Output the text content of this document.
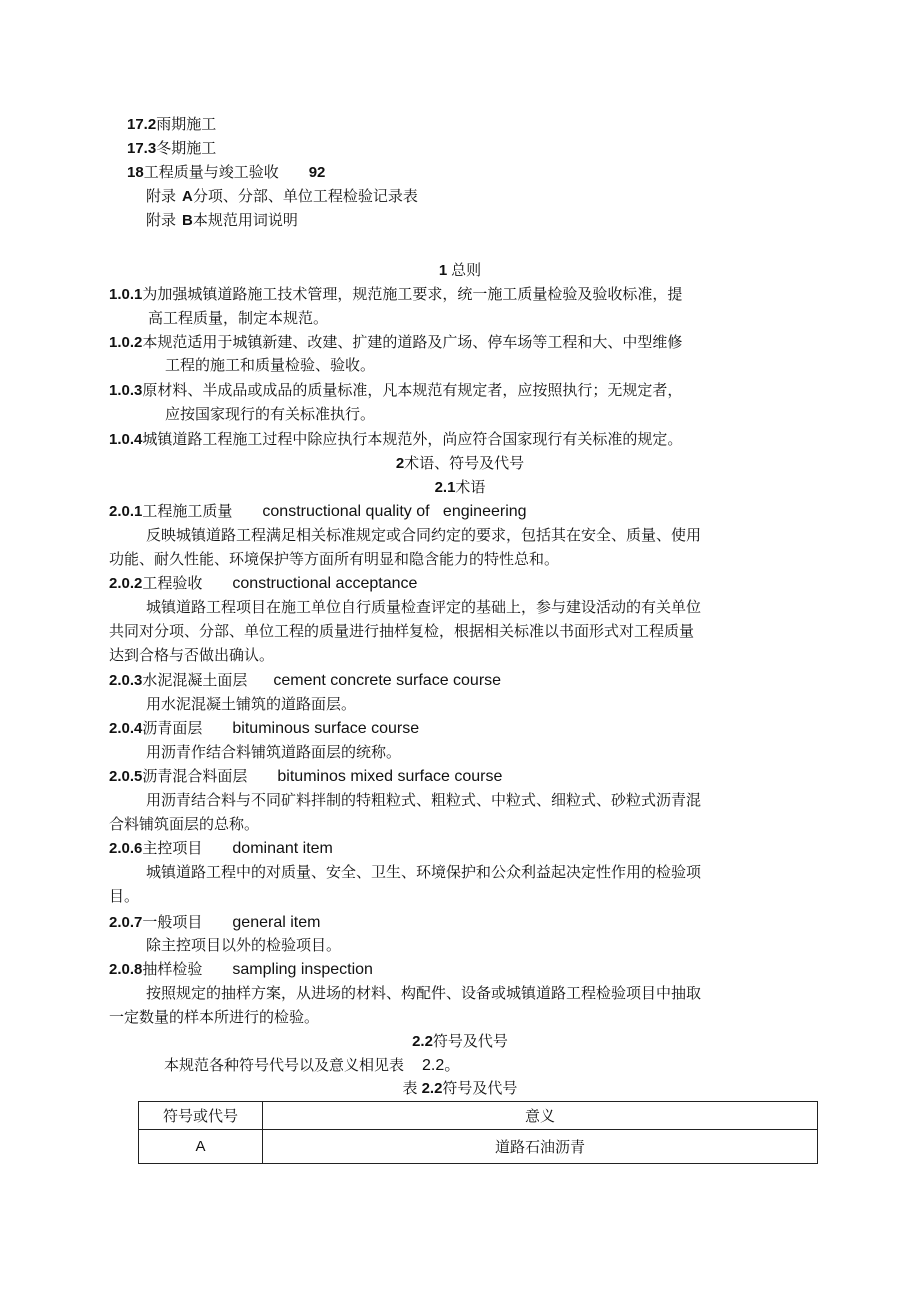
17.2雨期施工
17.3冬期施工
18工程质量与竣工验收 92
附录 A分项、分部、单位工程检验记录表
附录 B本规范用词说明
1 总则
1.0.1为加强城镇道路施工技术管理，规范施工要求，统一施工质量检验及验收标准，提
高工程质量，制定本规范。
1.0.2本规范适用于城镇新建、改建、扩建的道路及广场、停车场等工程和大、中型维修
工程的施工和质量检验、验收。
1.0.3原材料、半成品或成品的质量标准，凡本规范有规定者，应按照执行；无规定者，
应按国家现行的有关标准执行。
1.0.4城镇道路工程施工过程中除应执行本规范外，尚应符合国家现行有关标准的规定。
2术语、符号及代号
2.1术语
2.0.1工程施工质量 constructional quality of   engineering
反映城镇道路工程满足相关标准规定或合同约定的要求，包括其在安全、质量、使用
功能、耐久性能、环境保护等方面所有明显和隐含能力的特性总和。
2.0.2工程验收 constructional acceptance
城镇道路工程项目在施工单位自行质量检查评定的基础上，参与建设活动的有关单位
共同对分项、分部、单位工程的质量进行抽样复检，根据相关标准以书面形式对工程质量
达到合格与否做出确认。
2.0.3水泥混凝土面层 cement concrete surface course
用水泥混凝土铺筑的道路面层。
2.0.4沥青面层 bituminous surface course
用沥青作结合料铺筑道路面层的统称。
2.0.5沥青混合料面层 bituminos mixed surface course
用沥青结合料与不同矿料拌制的特粗粒式、粗粒式、中粒式、细粒式、砂粒式沥青混
合料铺筑面层的总称。
2.0.6主控项目 dominant item
城镇道路工程中的对质量、安全、卫生、环境保护和公众利益起决定性作用的检验项
目。
2.0.7一般项目 general item
除主控项目以外的检验项目。
2.0.8抽样检验 sampling inspection
按照规定的抽样方案，从进场的材料、构配件、设备或城镇道路工程检验项目中抽取
一定数量的样本所进行的检验。
2.2符号及代号
本规范各种符号代号以及意义相见表 2.2。
表 2.2符号及代号
符号或代号	意义
A	道路石油沥青
